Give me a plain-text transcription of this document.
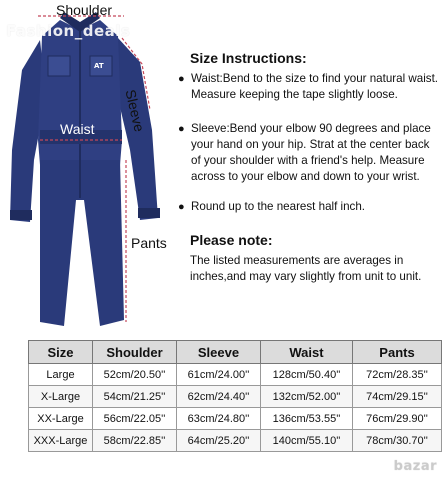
AT
Fashion_deals
bazar
Shoulder
Sleeve
Waist
Pants
Size Instructions:
● Waist:Bend to the size to find your natural waist. Measure keeping the tape slightly loose.
● Sleeve:Bend your elbow 90 degrees and place your hand on your hip. Strat at the center back of your shoulder with a friend's help. Measure across to your elbow and down to your wrist.
● Round up to the nearest half inch.
Please note:
The listed measurements are averages in inches,and may vary slightly from unit to unit.
Size	Shoulder	Sleeve	Waist	Pants
Large	52cm/20.50''	61cm/24.00''	128cm/50.40''	72cm/28.35''
X-Large	54cm/21.25''	62cm/24.40''	132cm/52.00''	74cm/29.15''
XX-Large	56cm/22.05''	63cm/24.80''	136cm/53.55''	76cm/29.90''
XXX-Large	58cm/22.85''	64cm/25.20''	140cm/55.10''	78cm/30.70''
